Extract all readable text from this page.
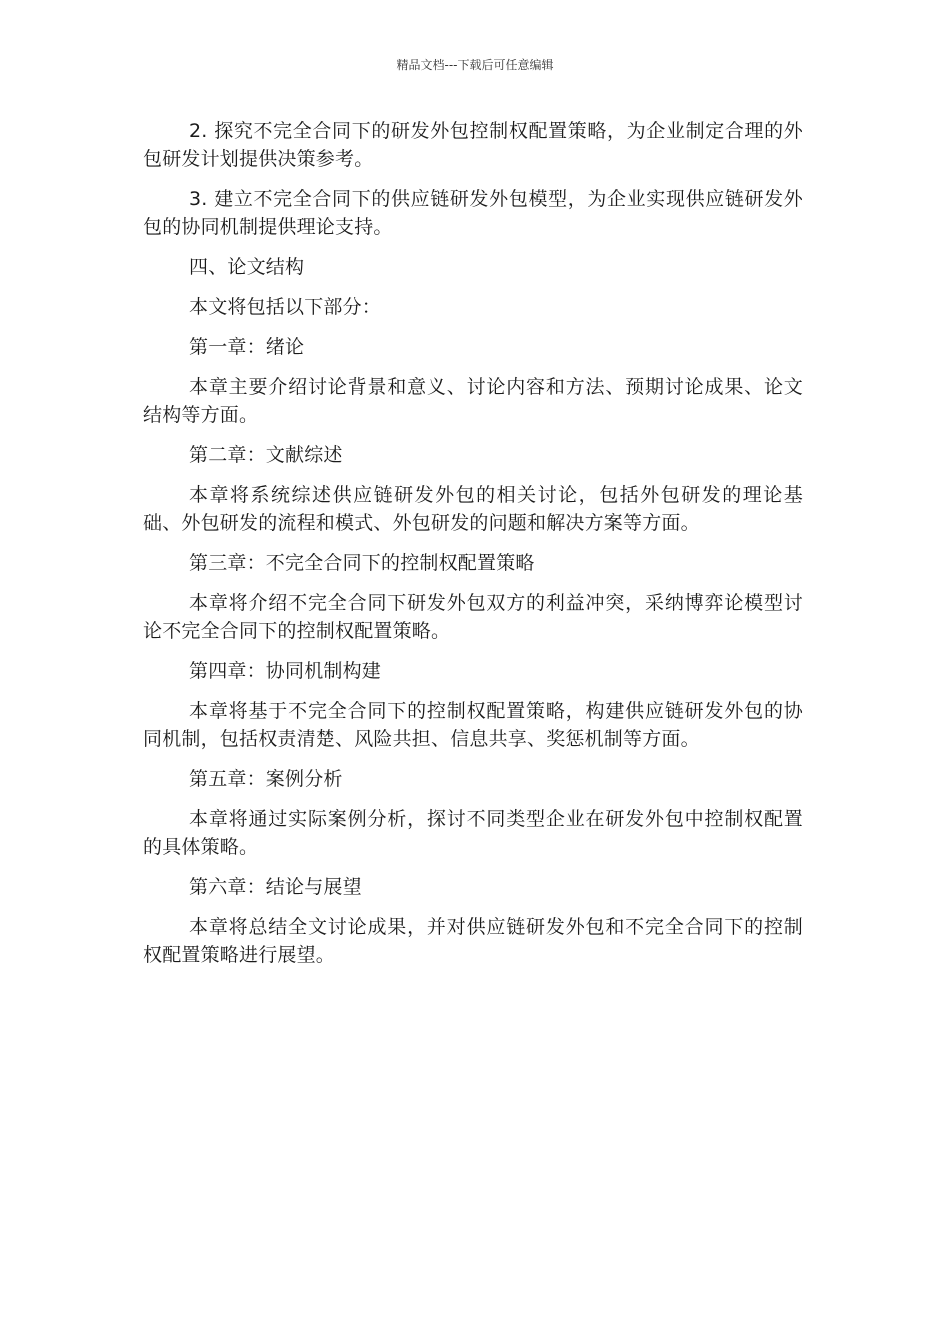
精品文档---下载后可任意编辑

2. 探究不完全合同下的研发外包控制权配置策略，为企业制定合理的外包研发计划提供决策参考。

3. 建立不完全合同下的供应链研发外包模型，为企业实现供应链研发外包的协同机制提供理论支持。

四、论文结构

本文将包括以下部分：

第一章：绪论

本章主要介绍讨论背景和意义、讨论内容和方法、预期讨论成果、论文结构等方面。

第二章：文献综述

本章将系统综述供应链研发外包的相关讨论，包括外包研发的理论基础、外包研发的流程和模式、外包研发的问题和解决方案等方面。

第三章：不完全合同下的控制权配置策略

本章将介绍不完全合同下研发外包双方的利益冲突，采纳博弈论模型讨论不完全合同下的控制权配置策略。

第四章：协同机制构建

本章将基于不完全合同下的控制权配置策略，构建供应链研发外包的协同机制，包括权责清楚、风险共担、信息共享、奖惩机制等方面。

第五章：案例分析

本章将通过实际案例分析，探讨不同类型企业在研发外包中控制权配置的具体策略。

第六章：结论与展望

本章将总结全文讨论成果，并对供应链研发外包和不完全合同下的控制权配置策略进行展望。
